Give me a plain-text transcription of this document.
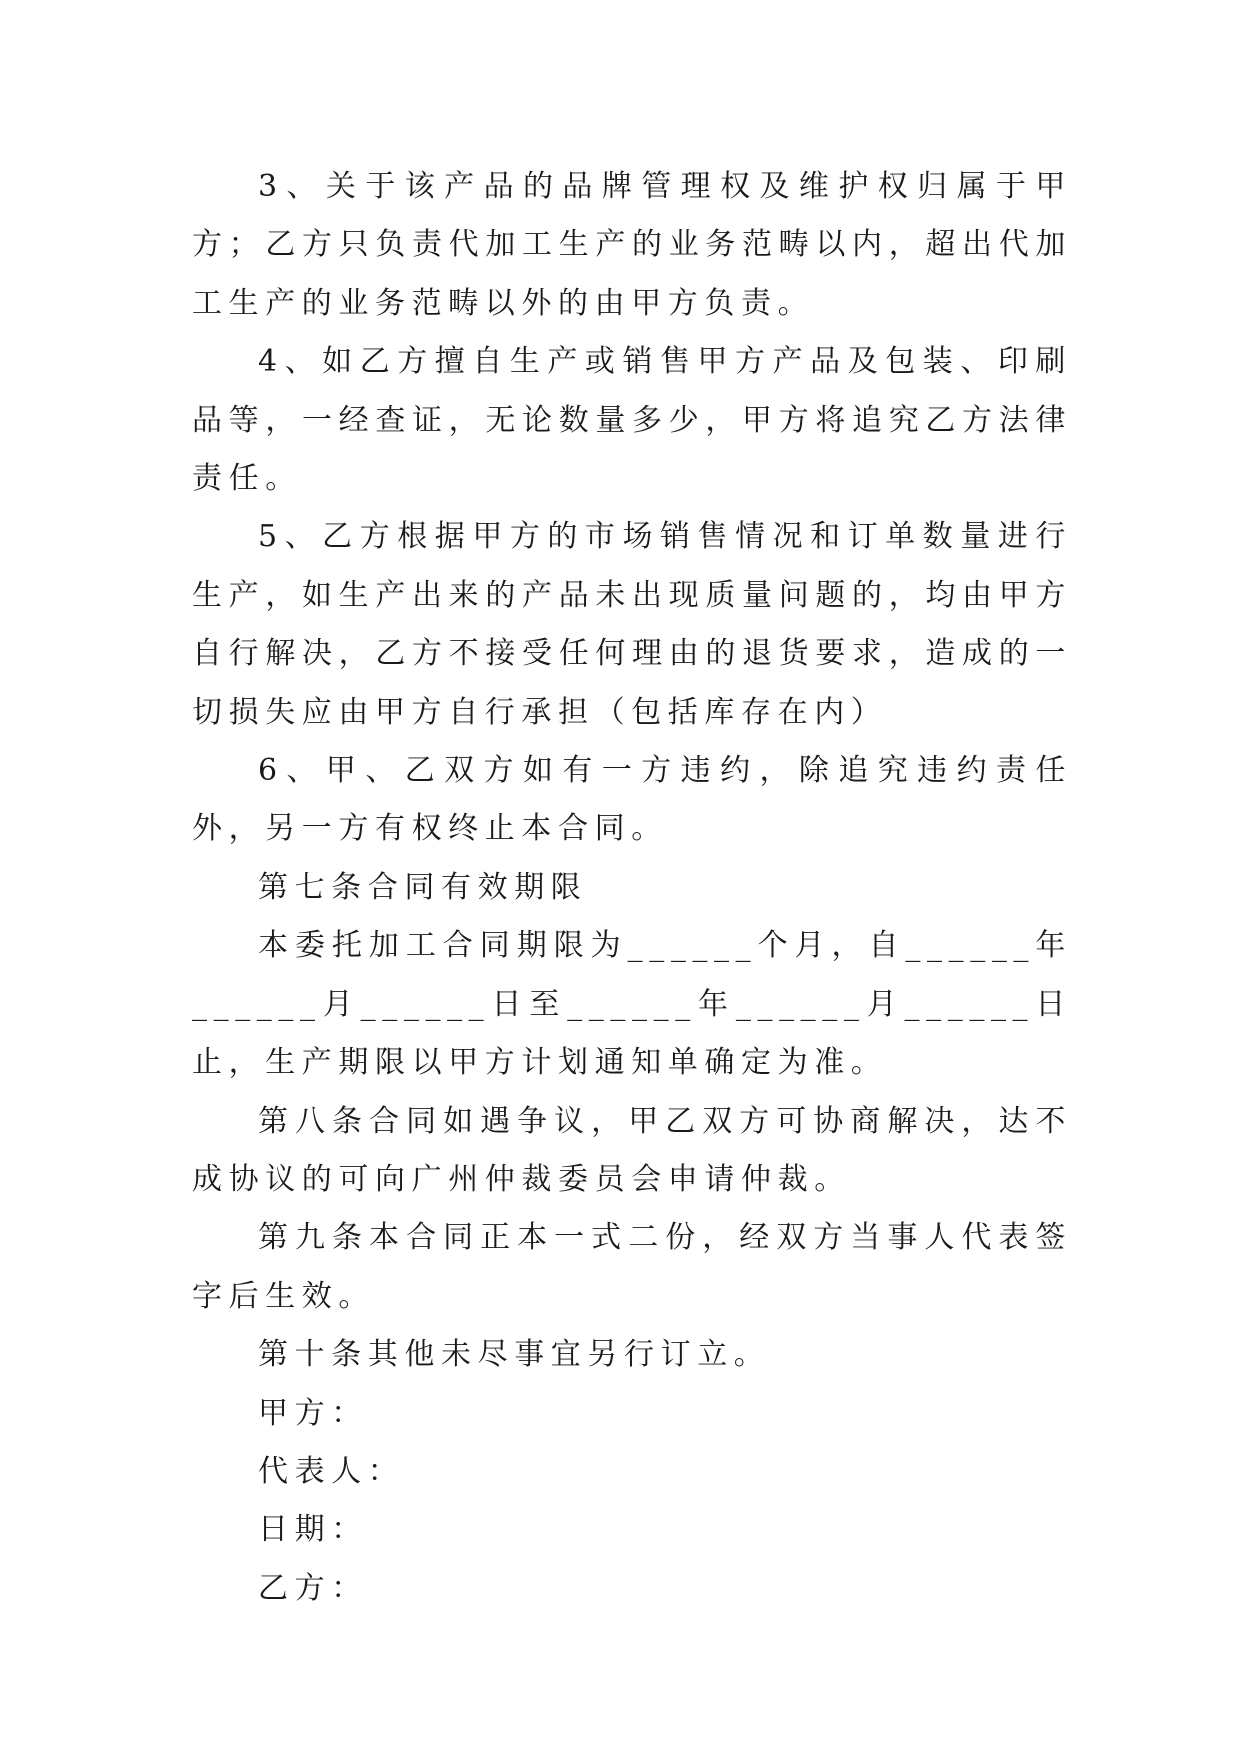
3、关于该产品的品牌管理权及维护权归属于甲方；乙方只负责代加工生产的业务范畴以内，超出代加工生产的业务范畴以外的由甲方负责。

4、如乙方擅自生产或销售甲方产品及包装、印刷品等，一经查证，无论数量多少，甲方将追究乙方法律责任。

5、乙方根据甲方的市场销售情况和订单数量进行生产，如生产出来的产品未出现质量问题的，均由甲方自行解决，乙方不接受任何理由的退货要求，造成的一切损失应由甲方自行承担（包括库存在内）

6、甲、乙双方如有一方违约，除追究违约责任外，另一方有权终止本合同。

第七条合同有效期限

本委托加工合同期限为______个月，自______年______月______日至______年______月______日止，生产期限以甲方计划通知单确定为准。

第八条合同如遇争议，甲乙双方可协商解决，达不成协议的可向广州仲裁委员会申请仲裁。

第九条本合同正本一式二份，经双方当事人代表签字后生效。

第十条其他未尽事宜另行订立。

甲方：

代表人：

日期：

乙方：
